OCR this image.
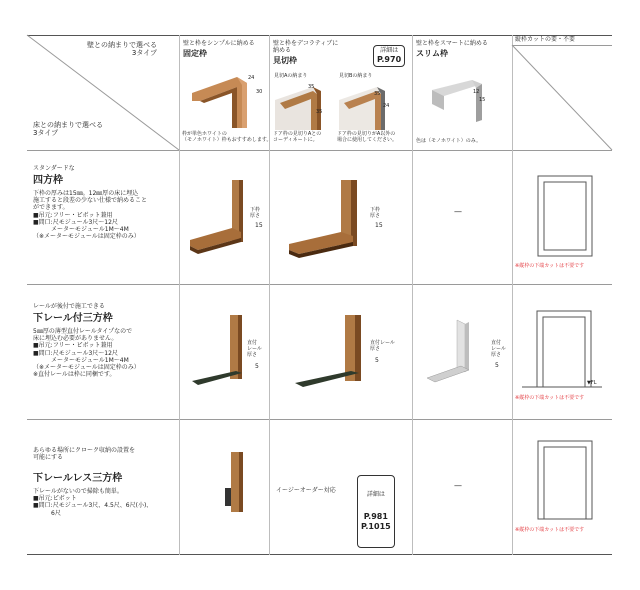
壁との納まりで選べる
3タイプ
床との納まりで選べる
3タイプ
壁と枠をシンプルに納める
固定枠
24
30
枠が単色ホワイトの
（モノホワイト）枠もおすすめします。
壁と枠をデコラティブに
納める
見切枠
詳細は
P.970
見切Aの納まり	見切Bの納まり
35
35
35
24
ドア枠の見切りAとの
コーディネートに。
ドア枠の見切りがA以外の
場合に使用してください。
壁と枠をスマートに納める
スリム枠
12
15
色は（モノホワイト）のみ。
縦枠カットの要・不要
スタンダードな
四方枠
下枠の厚みは15㎜。12㎜厚の床に埋込
施工すると段差の少ない仕様で納めること
ができます。
■吊元:フリー・ピボット兼用
■間口:尺モジュール3尺〜12尺
　　　メーターモジュール1M〜4M
（※メーターモジュールは固定枠のみ）
下枠
厚さ
15
下枠
厚さ
15
—
※縦枠の下端カットは不要です
レールが後付で施工できる
下レール付三方枠
5㎜厚の薄型直付レールタイプなので
床に埋込む必要がありません。
■吊元:フリー・ピボット兼用
■間口:尺モジュール3尺〜12尺
　　　メーターモジュール1M〜4M
（※メーターモジュールは固定枠のみ）
※直付レールは枠に同梱です。
直付
レール
厚さ
5
直付レール
厚さ
5
直付
レール
厚さ
5
▼FL
※縦枠の下端カットは不要です
あらゆる場所にクローク収納の設置を
可能にする
下レールレス三方枠
下レールがないので掃除も簡単。
■吊元:ピボット
■間口:尺モジュール3尺、4.5尺、6尺(小)、
　　　6尺
イージーオーダー対応

詳細は

P.981
P.1015

—
※縦枠の下端カットは不要です
